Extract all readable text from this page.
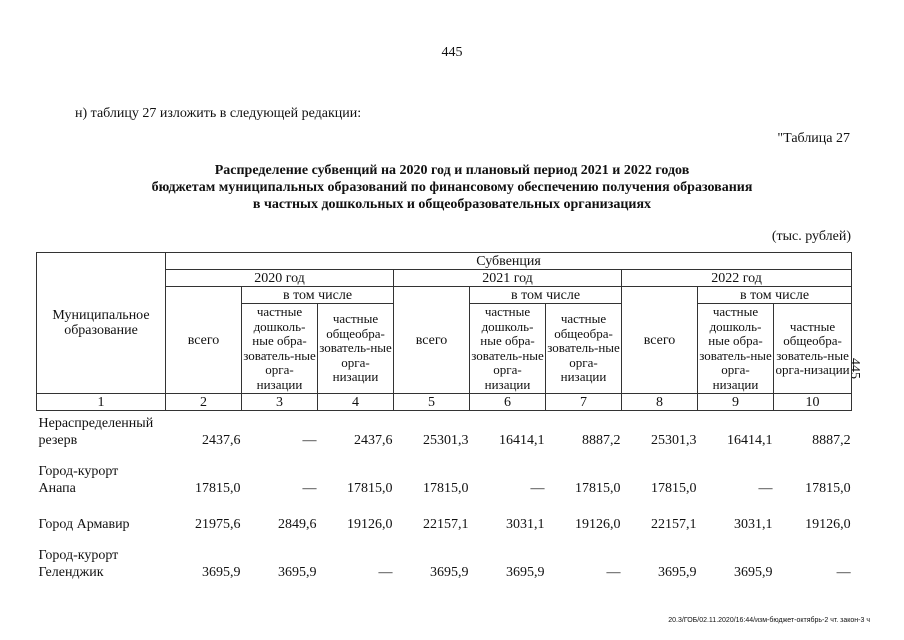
445
445
н) таблицу 27 изложить в следующей редакции:
"Таблица 27
Распределение субвенций на 2020 год и плановый период 2021 и 2022 годов
бюджетам муниципальных образований по финансовому обеспечению получения образования
в частных дошкольных и общеобразовательных организациях
(тыс. рублей)
Муниципальное образование	Субвенция								
	2020 год			2021 год			2022 год		
	всего	в том числе		всего	в том числе		всего	в том числе	
		частные дошколь-ные обра-зователь-ные орга-низации	частные общеобра-зователь-ные орга-низации		частные дошколь-ные обра-зователь-ные орга-низации	частные общеобра-зователь-ные орга-низации		частные дошколь-ные обра-зователь-ные орга-низации	частные общеобра-зователь-ные орга-низации
1	2	3	4	5	6	7	8	9	10

Нераспределенный
резерв	2437,6	—	2437,6	25301,3	16414,1	8887,2	25301,3	16414,1	8887,2

Город-курорт
Анапа	17815,0	—	17815,0	17815,0	—	17815,0	17815,0	—	17815,0

Город Армавир	21975,6	2849,6	19126,0	22157,1	3031,1	19126,0	22157,1	3031,1	19126,0

Город-курорт
Геленджик	3695,9	3695,9	—	3695,9	3695,9	—	3695,9	3695,9	—
20.3/ГОБ/02.11.2020/16:44/изм-бюджет-октябрь-2 чт. закон-3 ч
